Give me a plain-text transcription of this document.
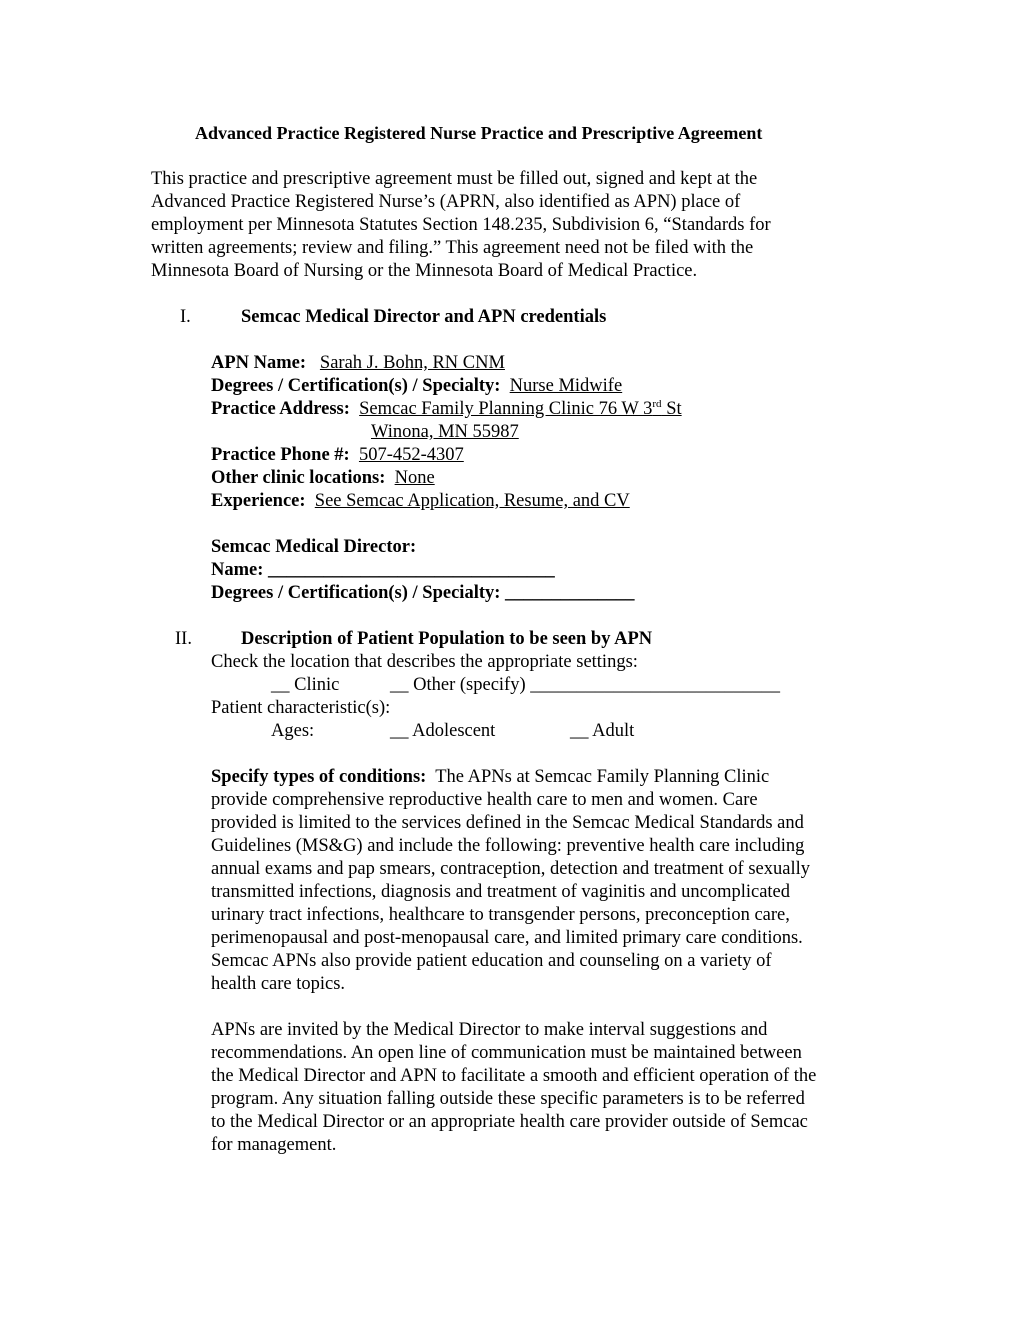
Advanced Practice Registered Nurse Practice and Prescriptive Agreement
This practice and prescriptive agreement must be filled out, signed and kept at the
Advanced Practice Registered Nurse’s (APRN, also identified as APN) place of
employment per Minnesota Statutes Section 148.235, Subdivision 6, “Standards for
written agreements; review and filing.” This agreement need not be filed with the
Minnesota Board of Nursing or the Minnesota Board of Medical Practice.
I.	Semcac Medical Director and APN credentials
APN Name: Sarah J. Bohn, RN CNM
Degrees / Certification(s) / Specialty: Nurse Midwife
Practice Address: Semcac Family Planning Clinic 76 W 3rd St
Winona, MN 55987
Practice Phone #: 507-452-4307
Other clinic locations: None
Experience: See Semcac Application, Resume, and CV
Semcac Medical Director:
Name: _______________________________
Degrees / Certification(s) / Specialty: ______________
II.	Description of Patient Population to be seen by APN
Check the location that describes the appropriate settings:
__ Clinic	__ Other (specify) ___________________________
Patient characteristic(s):
Ages:	__ Adolescent	__ Adult
Specify types of conditions: The APNs at Semcac Family Planning Clinic
provide comprehensive reproductive health care to men and women. Care
provided is limited to the services defined in the Semcac Medical Standards and
Guidelines (MS&G) and include the following: preventive health care including
annual exams and pap smears, contraception, detection and treatment of sexually
transmitted infections, diagnosis and treatment of vaginitis and uncomplicated
urinary tract infections, healthcare to transgender persons, preconception care,
perimenopausal and post-menopausal care, and limited primary care conditions.
Semcac APNs also provide patient education and counseling on a variety of
health care topics.
APNs are invited by the Medical Director to make interval suggestions and
recommendations. An open line of communication must be maintained between
the Medical Director and APN to facilitate a smooth and efficient operation of the
program. Any situation falling outside these specific parameters is to be referred
to the Medical Director or an appropriate health care provider outside of Semcac
for management.
